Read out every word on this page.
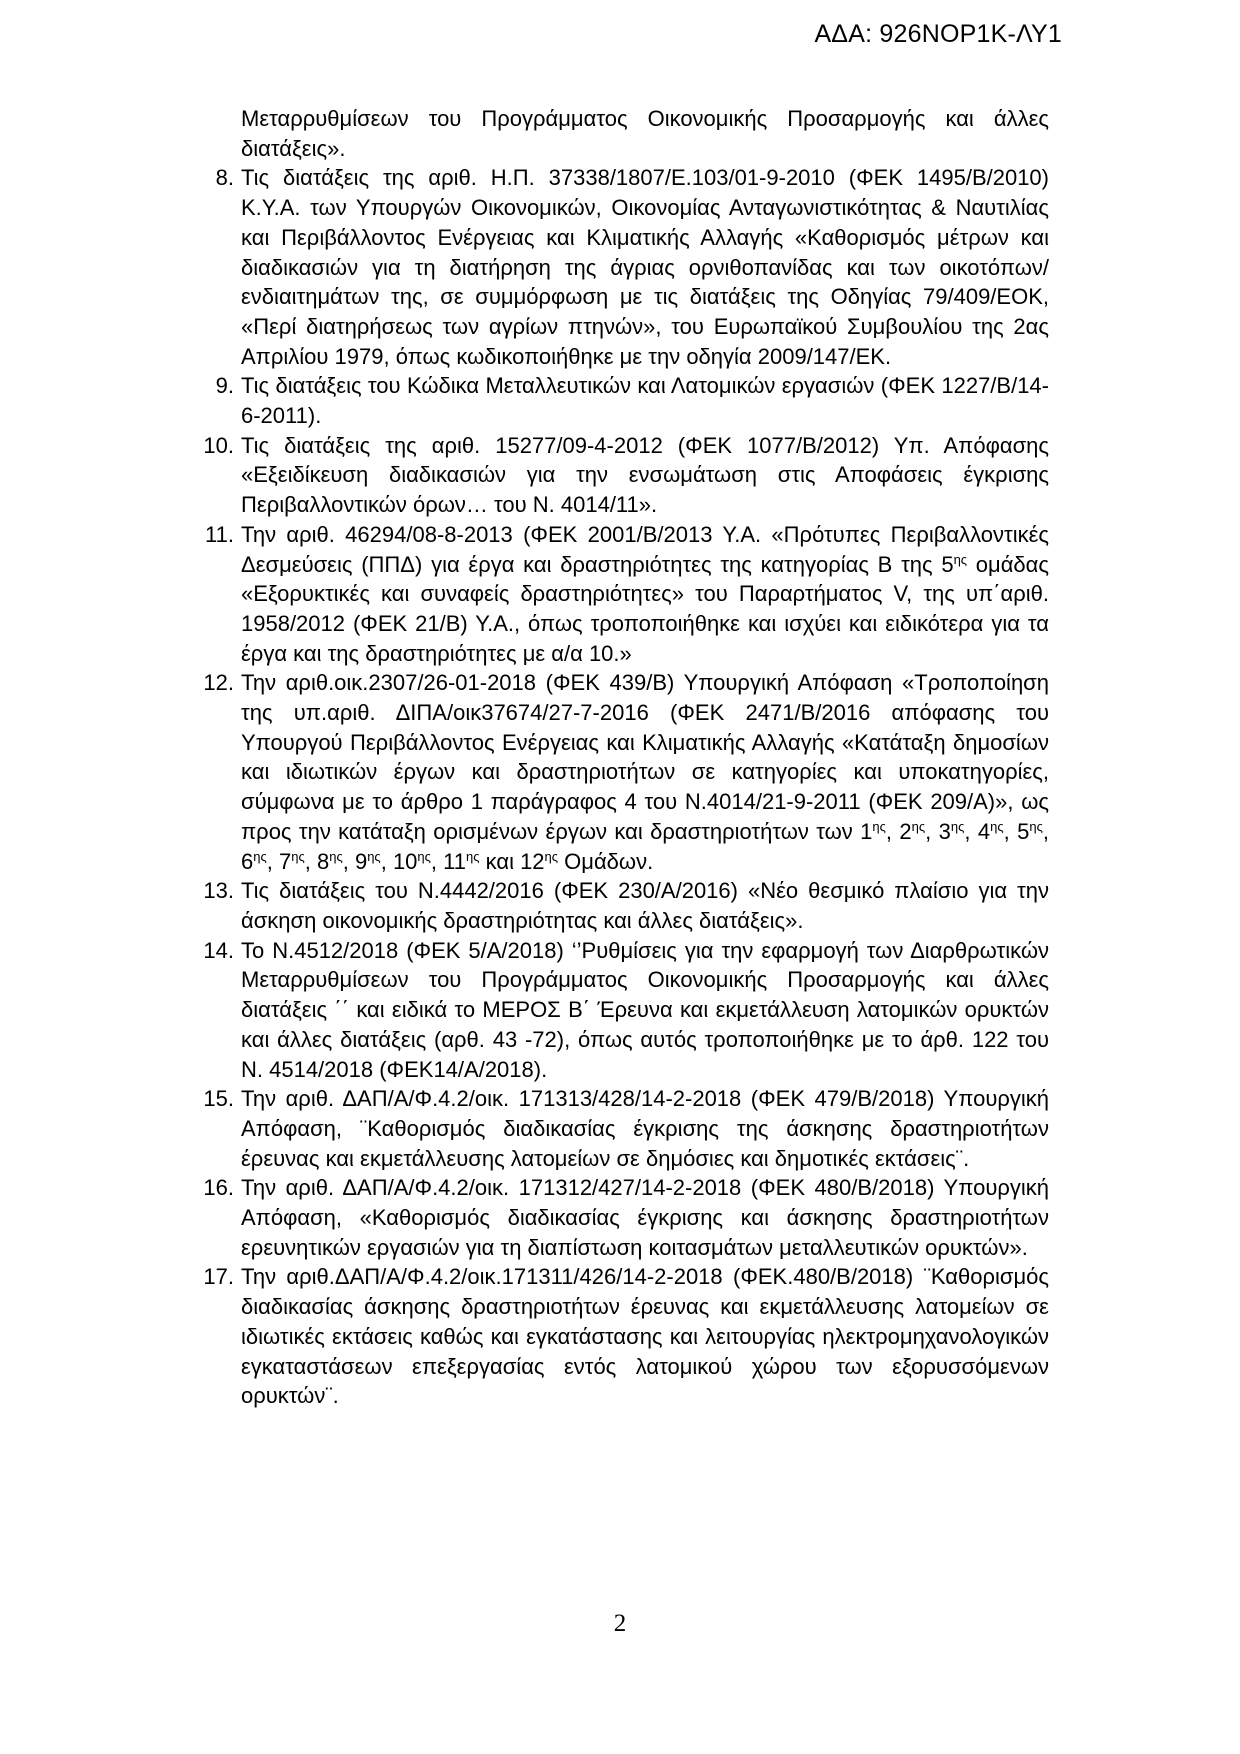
ΑΔΑ: 926ΝΟΡ1Κ-ΛΥ1

Μεταρρυθμίσεων του Προγράμματος Οικονομικής Προσαρμογής και άλλες διατάξεις».

8. Τις διατάξεις της αριθ. Η.Π. 37338/1807/Ε.103/01-9-2010 (ΦΕΚ 1495/Β/2010) Κ.Υ.Α. των Υπουργών Οικονομικών, Οικονομίας Ανταγωνιστικότητας & Ναυτιλίας και Περιβάλλοντος Ενέργειας και Κλιματικής Αλλαγής «Καθορισμός μέτρων και διαδικασιών για τη διατήρηση της άγριας ορνιθοπανίδας και των οικοτόπων/ενδιαιτημάτων της, σε συμμόρφωση με τις διατάξεις της Οδηγίας 79/409/ΕΟΚ, «Περί διατηρήσεως των αγρίων πτηνών», του Ευρωπαϊκού Συμβουλίου της 2ας Απριλίου 1979, όπως κωδικοποιήθηκε με την οδηγία 2009/147/ΕΚ.
9. Τις διατάξεις του Κώδικα Μεταλλευτικών και Λατομικών εργασιών (ΦΕΚ 1227/Β/14-6-2011).
10. Τις διατάξεις της αριθ. 15277/09-4-2012 (ΦΕΚ 1077/Β/2012) Υπ. Απόφασης «Εξειδίκευση διαδικασιών για την ενσωμάτωση στις Αποφάσεις έγκρισης Περιβαλλοντικών όρων… του Ν. 4014/11».
11. Την αριθ. 46294/08-8-2013 (ΦΕΚ 2001/Β/2013 Υ.Α. «Πρότυπες Περιβαλλοντικές Δεσμεύσεις (ΠΠΔ) για έργα και δραστηριότητες της κατηγορίας Β της $5^{\eta\varsigma}$ ομάδας «Εξορυκτικές και συναφείς δραστηριότητες» του Παραρτήματος V, της υπ΄αριθ. 1958/2012 (ΦΕΚ 21/Β) Υ.Α., όπως τροποποιήθηκε και ισχύει και ειδικότερα για τα έργα και της δραστηριότητες με α/α 10.»
12. Την αριθ.οικ.2307/26-01-2018 (ΦΕΚ 439/Β) Υπουργική Απόφαση «Τροποποίηση της υπ.αριθ. ΔΙΠΑ/οικ37674/27-7-2016 (ΦΕΚ 2471/Β/2016 απόφασης του Υπουργού Περιβάλλοντος Ενέργειας και Κλιματικής Αλλαγής «Κατάταξη δημοσίων και ιδιωτικών έργων και δραστηριοτήτων σε κατηγορίες και υποκατηγορίες, σύμφωνα με το άρθρο 1 παράγραφος 4 του Ν.4014/21-9-2011 (ΦΕΚ 209/Α)», ως προς την κατάταξη ορισμένων έργων και δραστηριοτήτων των $1^{\eta\varsigma}$, $2^{\eta\varsigma}$, $3^{\eta\varsigma}$, $4^{\eta\varsigma}$, $5^{\eta\varsigma}$, $6^{\eta\varsigma}$, $7^{\eta\varsigma}$, $8^{\eta\varsigma}$, $9^{\eta\varsigma}$, $10^{\eta\varsigma}$, $11^{\eta\varsigma}$ και $12^{\eta\varsigma}$ Ομάδων.
13. Τις διατάξεις του Ν.4442/2016 (ΦΕΚ 230/Α/2016) «Νέο θεσμικό πλαίσιο για την άσκηση οικονομικής δραστηριότητας και άλλες διατάξεις».
14. Το Ν.4512/2018 (ΦΕΚ 5/Α/2018) ‘’Ρυθμίσεις για την εφαρμογή των Διαρθρωτικών Μεταρρυθμίσεων του Προγράμματος Οικονομικής Προσαρμογής και άλλες διατάξεις ΄΄ και ειδικά το ΜΕΡΟΣ Β΄ Έρευνα και εκμετάλλευση λατομικών ορυκτών και άλλες διατάξεις (αρθ. 43 -72), όπως αυτός τροποποιήθηκε με το άρθ. 122 του Ν. 4514/2018 (ΦΕΚ14/Α/2018).
15. Την αριθ. ΔΑΠ/Α/Φ.4.2/οικ. 171313/428/14-2-2018 (ΦΕΚ 479/Β/2018) Υπουργική Απόφαση, ¨Καθορισμός διαδικασίας έγκρισης της άσκησης δραστηριοτήτων έρευνας και εκμετάλλευσης λατομείων σε δημόσιες και δημοτικές εκτάσεις¨.
16. Την αριθ. ΔΑΠ/Α/Φ.4.2/οικ. 171312/427/14-2-2018 (ΦΕΚ 480/Β/2018) Υπουργική Απόφαση, «Καθορισμός διαδικασίας έγκρισης και άσκησης δραστηριοτήτων ερευνητικών εργασιών για τη διαπίστωση κοιτασμάτων μεταλλευτικών ορυκτών».
17. Την αριθ.ΔΑΠ/Α/Φ.4.2/οικ.171311/426/14-2-2018 (ΦΕΚ.480/Β/2018) ¨Καθορισμός διαδικασίας άσκησης δραστηριοτήτων έρευνας και εκμετάλλευσης λατομείων σε ιδιωτικές εκτάσεις καθώς και εγκατάστασης και λειτουργίας ηλεκτρομηχανολογικών εγκαταστάσεων επεξεργασίας εντός λατομικού χώρου των εξορυσσόμενων ορυκτών¨.
2
